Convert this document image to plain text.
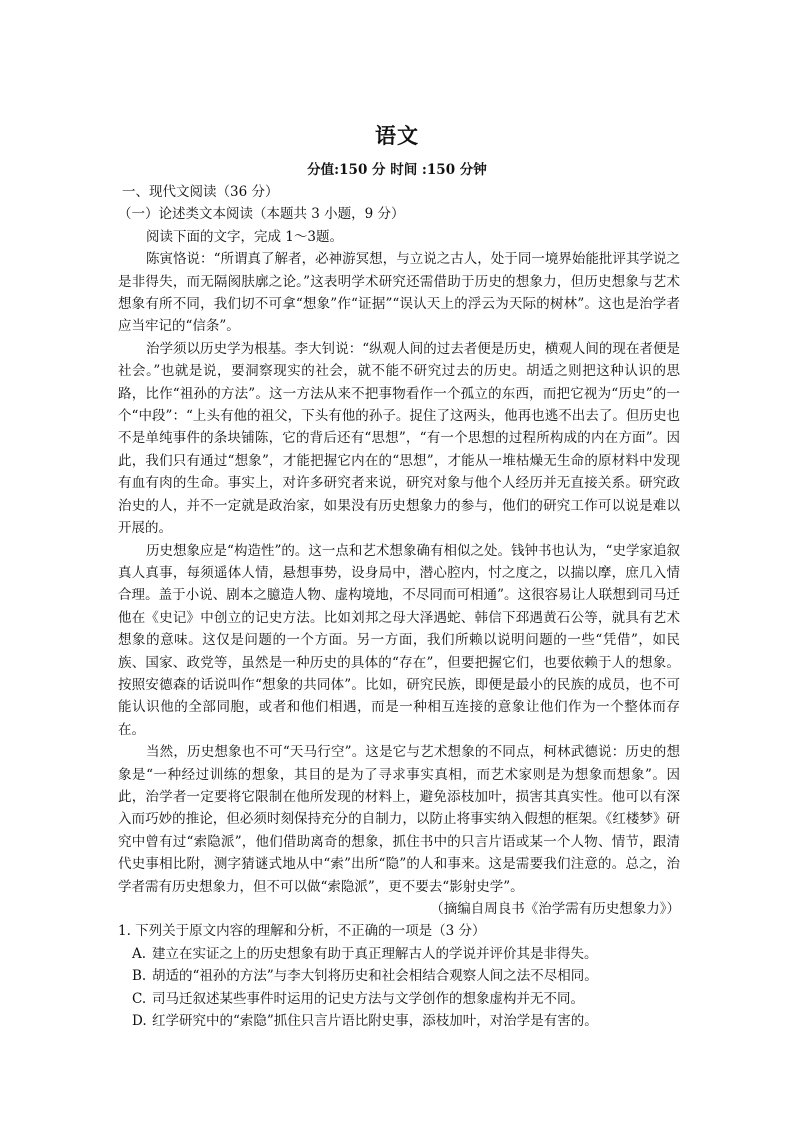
语文
分值:150 分 时间 :150 分钟

一、现代文阅读（36 分）

（一）论述类文本阅读（本题共 3 小题，9 分）

阅读下面的文字，完成 1～3题。

陈寅恪说：“所谓真了解者，必神游冥想，与立说之古人，处于同一境界始能批评其学说之是非得失，而无隔阂肤廓之论。”这表明学术研究还需借助于历史的想象力，但历史想象与艺术想象有所不同，我们切不可拿“想象”作“证据”“误认天上的浮云为天际的树林”。这也是治学者应当牢记的“信条”。

治学须以历史学为根基。李大钊说：“纵观人间的过去者便是历史，横观人间的现在者便是社会。”也就是说，要洞察现实的社会，就不能不研究过去的历史。胡适之则把这种认识的思路，比作“祖孙的方法”。这一方法从来不把事物看作一个孤立的东西，而把它视为“历史”的一个“中段”：“上头有他的祖父，下头有他的孙子。捉住了这两头，他再也逃不出去了。但历史也不是单纯事件的条块铺陈，它的背后还有“思想”，“有一个思想的过程所构成的内在方面”。因此，我们只有通过“想象”，才能把握它内在的“思想”，才能从一堆枯燥无生命的原材料中发现有血有肉的生命。事实上，对许多研究者来说，研究对象与他个人经历并无直接关系。研究政治史的人，并不一定就是政治家，如果没有历史想象力的参与，他们的研究工作可以说是难以开展的。

历史想象应是“构造性”的。这一点和艺术想象确有相似之处。钱钟书也认为，“史学家追叙真人真事，每须遥体人情，悬想事势，设身局中，潜心腔内，忖之度之，以揣以摩，庶几入情合理。盖于小说、剧本之臆造人物、虚构境地，不尽同而可相通”。这很容易让人联想到司马迁他在《史记》中创立的记史方法。比如刘邦之母大泽遇蛇、韩信下邳遇黄石公等，就具有艺术想象的意味。这仅是问题的一个方面。另一方面，我们所赖以说明问题的一些“凭借”，如民族、国家、政党等，虽然是一种历史的具体的“存在”，但要把握它们，也要依赖于人的想象。按照安德森的话说叫作“想象的共同体”。比如，研究民族，即便是最小的民族的成员，也不可能认识他的全部同胞，或者和他们相遇，而是一种相互连接的意象让他们作为一个整体而存在。

当然，历史想象也不可“天马行空”。这是它与艺术想象的不同点，柯林武德说：历史的想象是“一种经过训练的想象，其目的是为了寻求事实真相，而艺术家则是为想象而想象”。因此，治学者一定要将它限制在他所发现的材料上，避免添枝加叶，损害其真实性。他可以有深入而巧妙的推论，但必须时刻保持充分的自制力，以防止将事实纳入假想的框架。《红楼梦》研究中曾有过“索隐派”，他们借助离奇的想象，抓住书中的只言片语或某一个人物、情节，跟清代史事相比附，测字猜谜式地从中“索”出所“隐”的人和事来。这是需要我们注意的。总之，治学者需有历史想象力，但不可以做“索隐派”，更不要去“影射史学”。

（摘编自周良书《治学需有历史想象力》）

1. 下列关于原文内容的理解和分析，不正确的一项是（3 分）

A. 建立在实证之上的历史想象有助于真正理解古人的学说并评价其是非得失。

B. 胡适的“祖孙的方法”与李大钊将历史和社会相结合观察人间之法不尽相同。

C. 司马迁叙述某些事件时运用的记史方法与文学创作的想象虚构并无不同。

D. 红学研究中的“索隐”抓住只言片语比附史事，添枝加叶，对治学是有害的。
